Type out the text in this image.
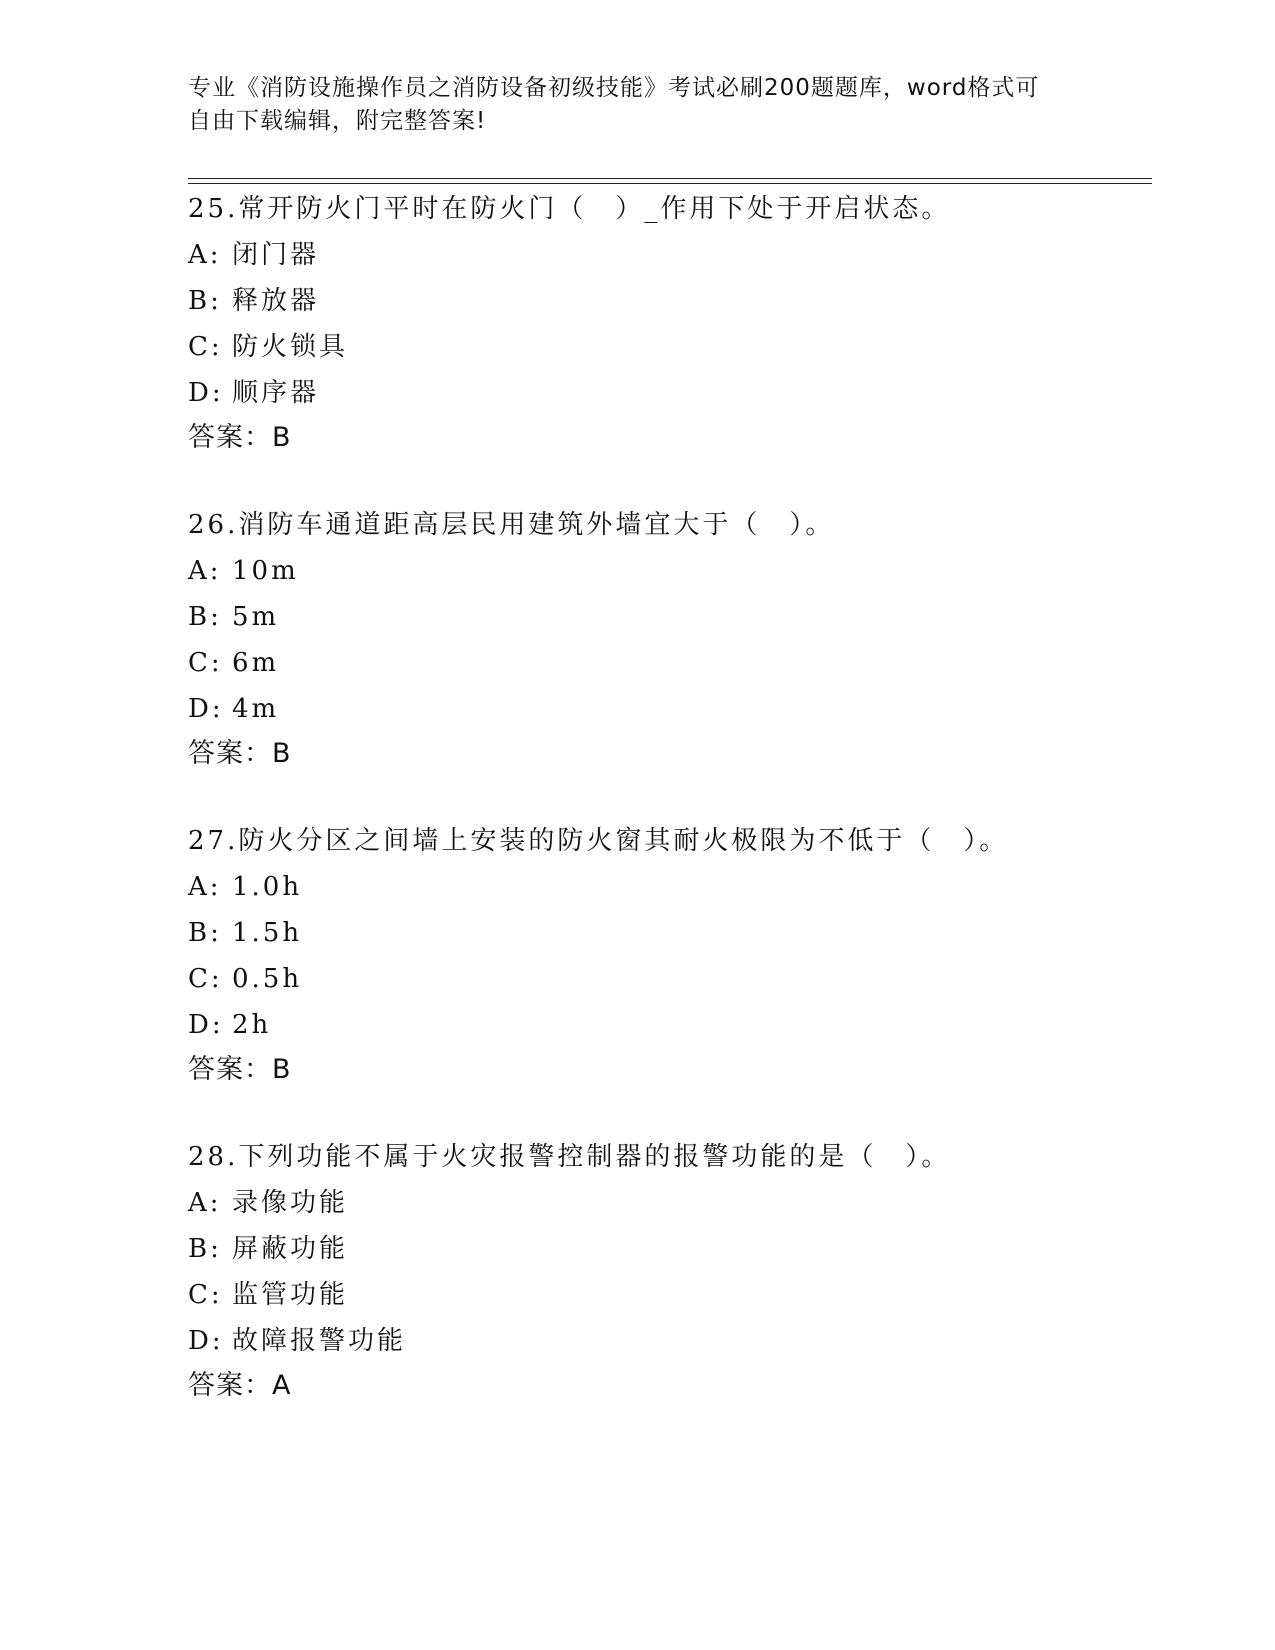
专业《消防设施操作员之消防设备初级技能》考试必刷200题题库，word格式可
自由下载编辑，附完整答案!
25.常开防火门平时在防火门（　）_作用下处于开启状态。
A: 闭门器
B: 释放器
C: 防火锁具
D: 顺序器
答案：B
26.消防车通道距高层民用建筑外墙宜大于（　）。
A: 10m
B: 5m
C: 6m
D: 4m
答案：B
27.防火分区之间墙上安装的防火窗其耐火极限为不低于（　）。
A: 1.0h
B: 1.5h
C: 0.5h
D: 2h
答案：B
28.下列功能不属于火灾报警控制器的报警功能的是（　）。
A: 录像功能
B: 屏蔽功能
C: 监管功能
D: 故障报警功能
答案：A
